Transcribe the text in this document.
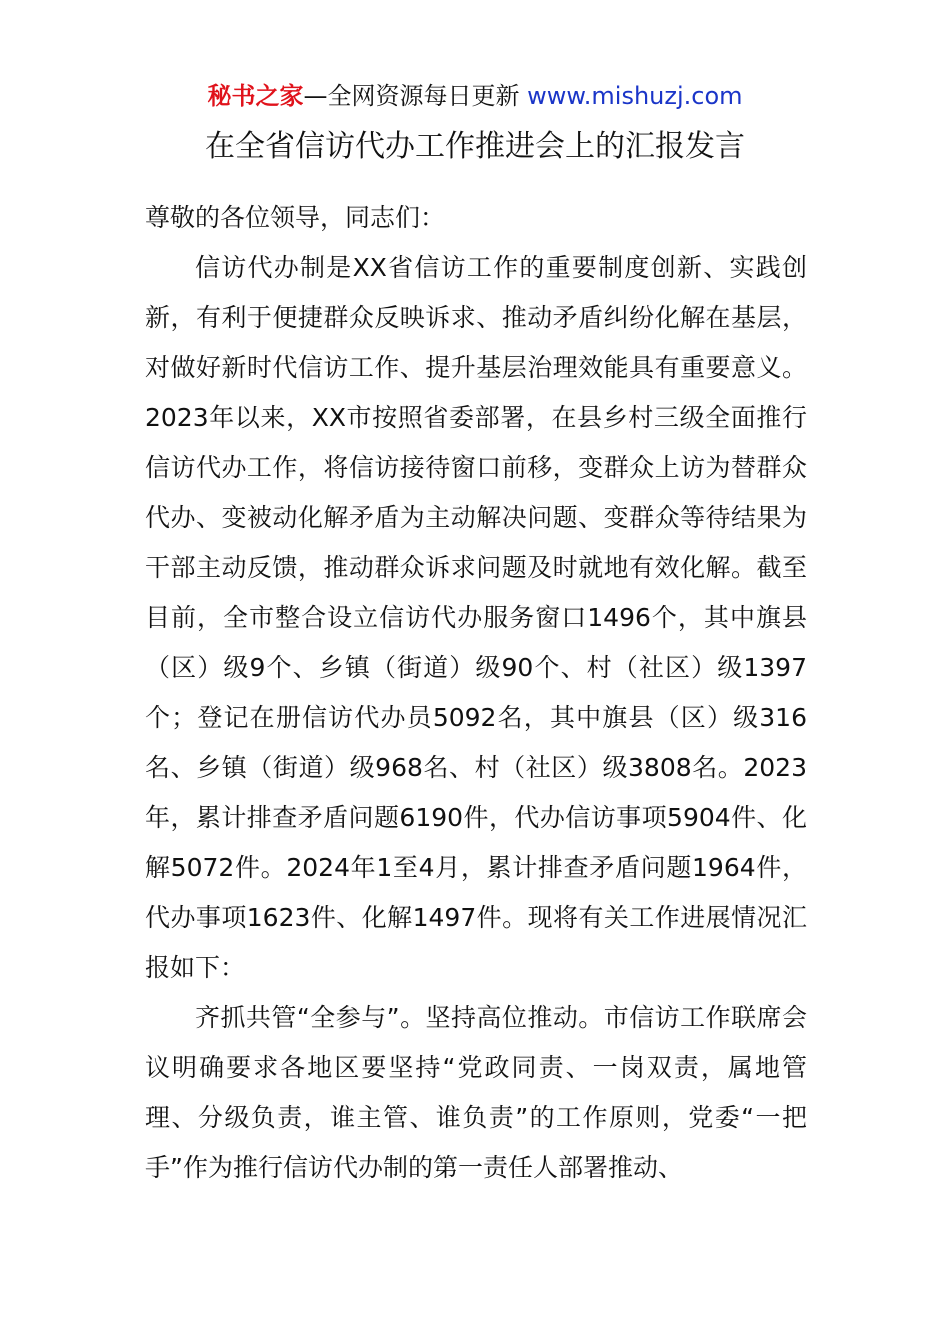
秘书之家—全网资源每日更新 www.mishuzj.com
在全省信访代办工作推进会上的汇报发言

尊敬的各位领导，同志们：

信访代办制是XX省信访工作的重要制度创新、实践创新，有利于便捷群众反映诉求、推动矛盾纠纷化解在基层，对做好新时代信访工作、提升基层治理效能具有重要意义。2023年以来，XX市按照省委部署，在县乡村三级全面推行信访代办工作，将信访接待窗口前移，变群众上访为替群众代办、变被动化解矛盾为主动解决问题、变群众等待结果为干部主动反馈，推动群众诉求问题及时就地有效化解。截至目前，全市整合设立信访代办服务窗口1496个，其中旗县（区）级9个、乡镇（街道）级90个、村（社区）级1397个；登记在册信访代办员5092名，其中旗县（区）级316名、乡镇（街道）级968名、村（社区）级3808名。2023年，累计排查矛盾问题6190件，代办信访事项5904件、化解5072件。2024年1至4月，累计排查矛盾问题1964件，代办事项1623件、化解1497件。现将有关工作进展情况汇报如下：

齐抓共管“全参与”。坚持高位推动。市信访工作联席会议明确要求各地区要坚持“党政同责、一岗双责，属地管理、分级负责，谁主管、谁负责”的工作原则，党委“一把手”作为推行信访代办制的第一责任人部署推动、
